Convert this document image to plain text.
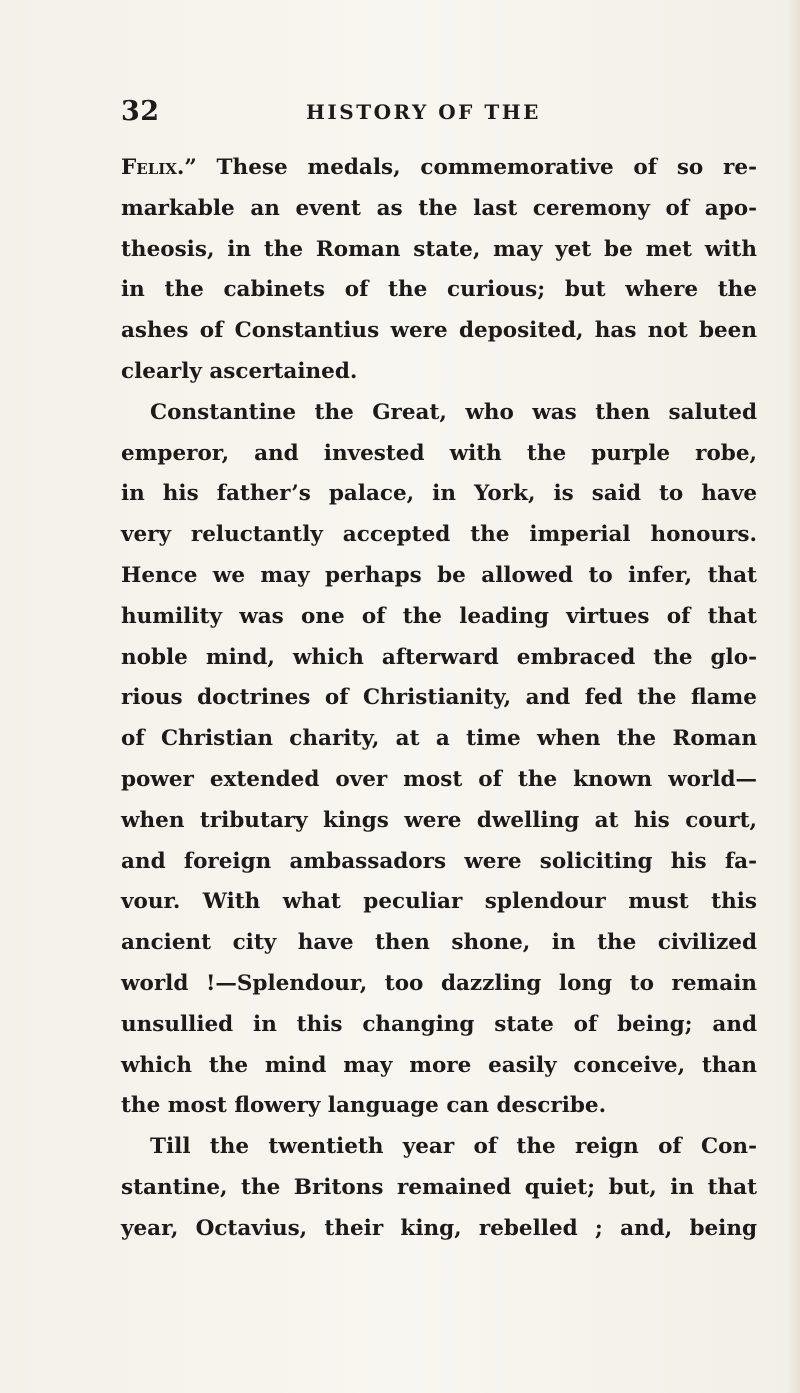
32	HISTORY OF THE
Felix.” These medals, commemorative of so re-
markable an event as the last ceremony of apo-
theosis, in the Roman state, may yet be met with
in the cabinets of the curious; but where the
ashes of Constantius were deposited, has not been
clearly ascertained.
Constantine the Great, who was then saluted
emperor, and invested with the purple robe,
in his father’s palace, in York, is said to have
very reluctantly accepted the imperial honours.
Hence we may perhaps be allowed to infer, that
humility was one of the leading virtues of that
noble mind, which afterward embraced the glo-
rious doctrines of Christianity, and fed the flame
of Christian charity, at a time when the Roman
power extended over most of the known world—
when tributary kings were dwelling at his court,
and foreign ambassadors were soliciting his fa-
vour. With what peculiar splendour must this
ancient city have then shone, in the civilized
world !—Splendour, too dazzling long to remain
unsullied in this changing state of being; and
which the mind may more easily conceive, than
the most flowery language can describe.
Till the twentieth year of the reign of Con-
stantine, the Britons remained quiet; but, in that
year, Octavius, their king, rebelled ; and, being
